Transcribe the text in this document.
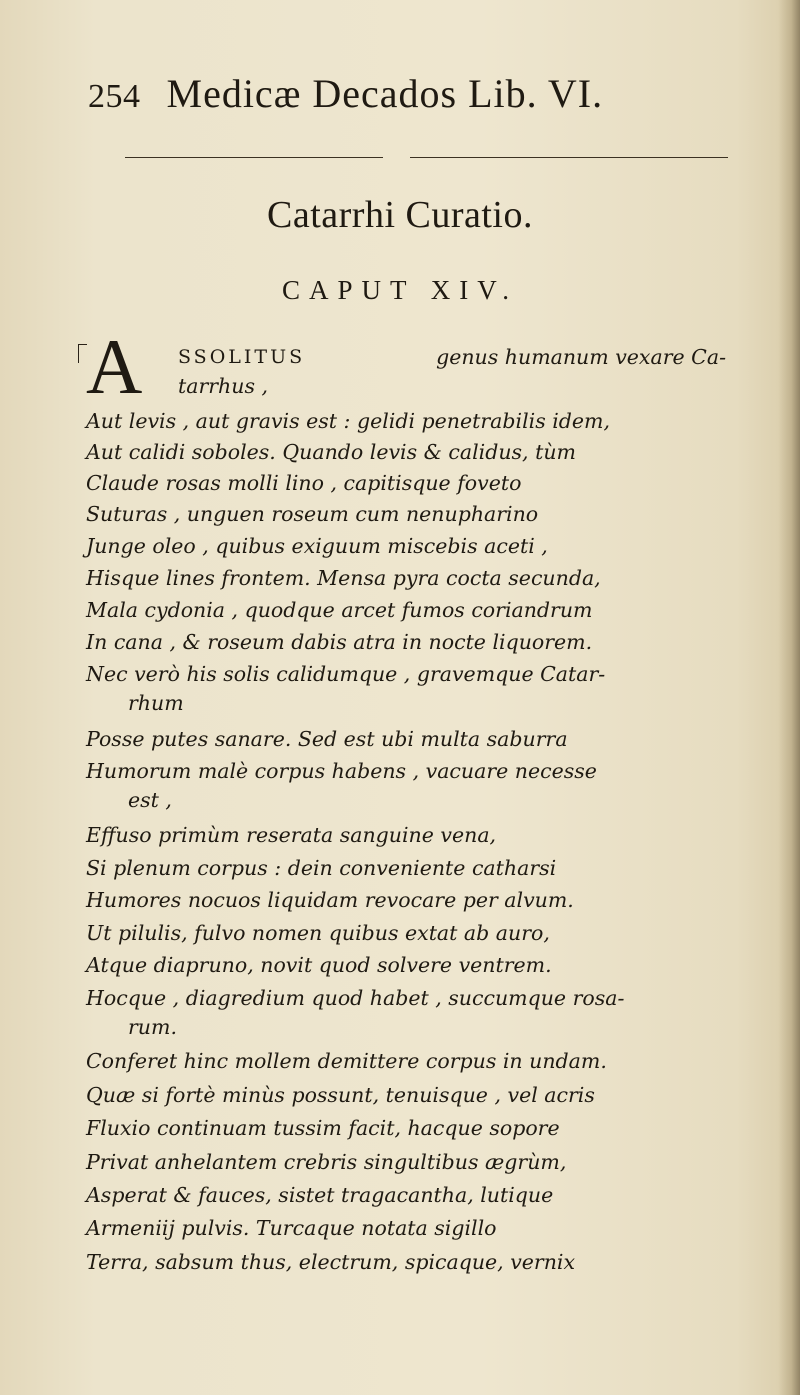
254 Medicæ Decados Lib. VI.
Catarrhi Curatio.
CAPUT XIV.
A SSOLITUS	genus humanum vexare Ca-
tarrhus ,
Aut levis , aut gravis est : gelidi penetrabilis idem,
Aut calidi soboles. Quando levis & calidus, tùm
Claude rosas molli lino , capitisque foveto
Suturas , unguen roseum cum nenupharino
Junge oleo , quibus exiguum miscebis aceti ,
Hisque lines frontem. Mensa pyra cocta secunda,
Mala cydonia , quodque arcet fumos coriandrum
In cana , & roseum dabis atra in nocte liquorem.
Nec verò his solis calidumque , gravemque Catar-
rhum
Posse putes sanare. Sed est ubi multa saburra
Humorum malè corpus habens , vacuare necesse
est ,
Effuso primùm reserata sanguine vena,
Si plenum corpus : dein conveniente catharsi
Humores nocuos liquidam revocare per alvum.
Ut pilulis, fulvo nomen quibus extat ab auro,
Atque diapruno, novit quod solvere ventrem.
Hocque , diagredium quod habet , succumque rosa-
rum.
Conferet hinc mollem demittere corpus in undam.
Quæ si fortè minùs possunt, tenuisque , vel acris
Fluxio continuam tussim facit, hacque sopore
Privat anhelantem crebris singultibus ægrùm,
Asperat & fauces, sistet tragacantha, lutique
Armeniij pulvis. Turcaque notata sigillo
Terra, sabsum thus, electrum, spicaque, vernix
